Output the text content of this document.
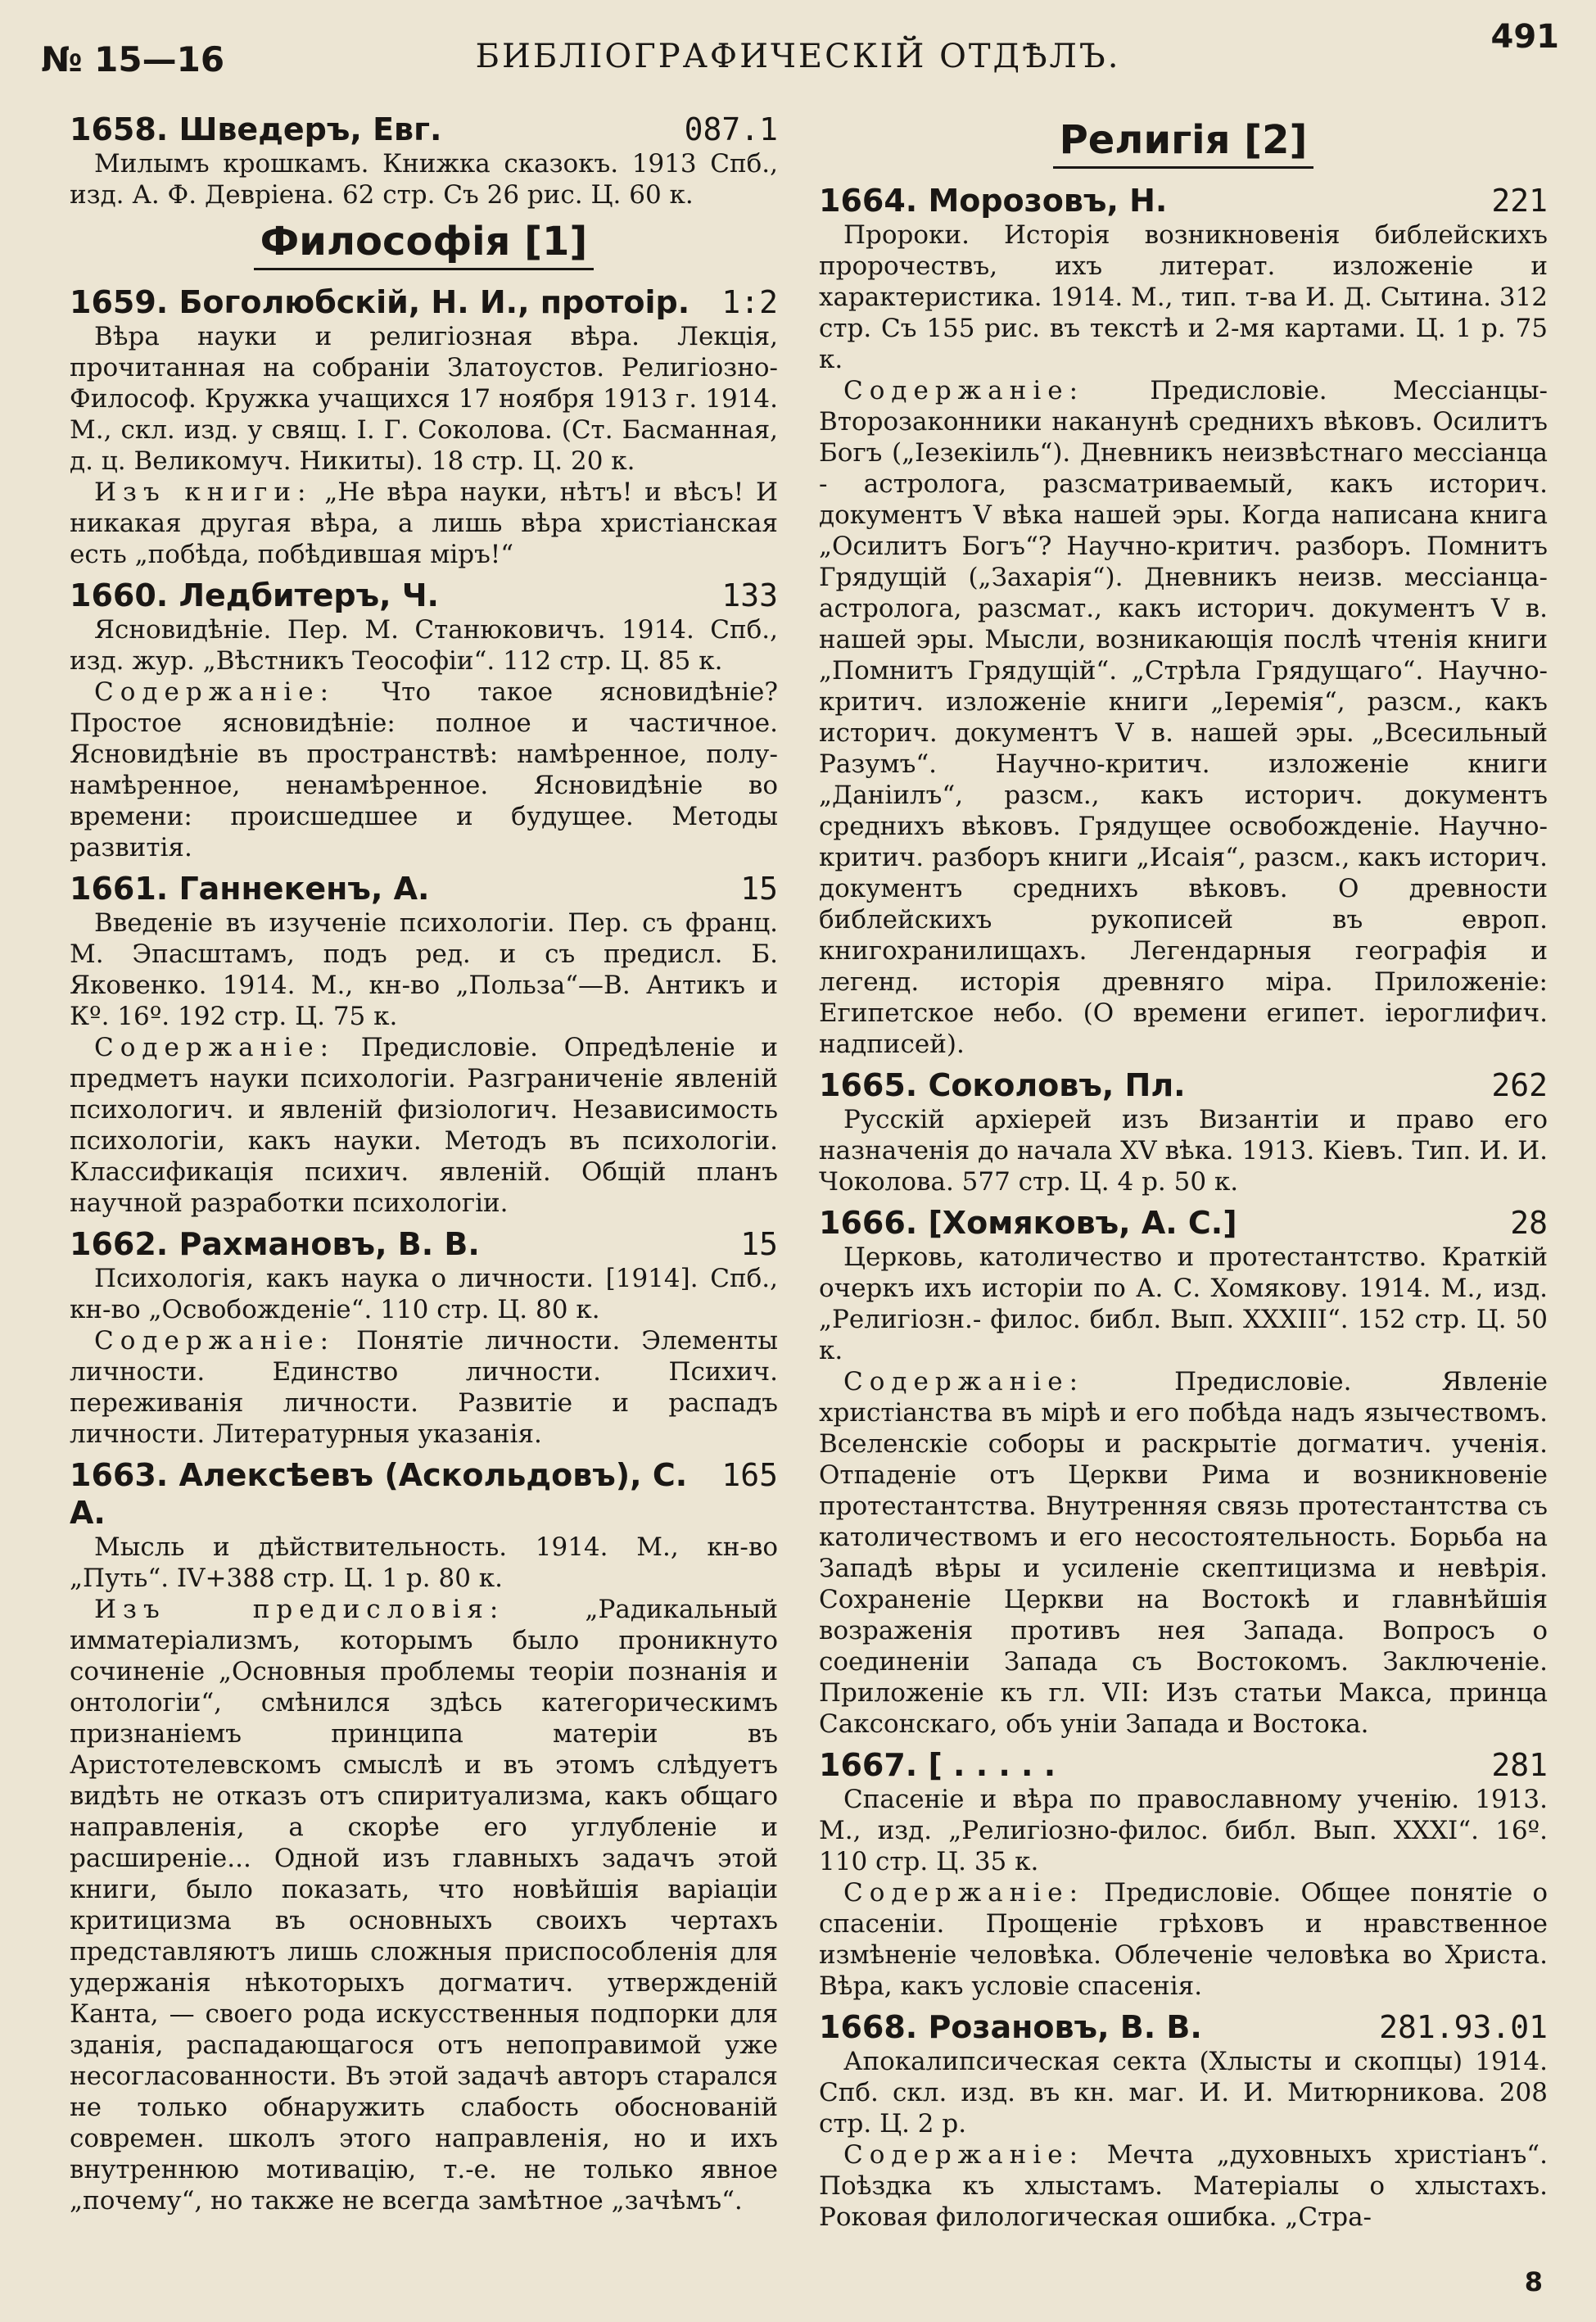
№ 15—16	БИБЛIОГРАФИЧЕСКIЙ ОТДѢЛЪ.
491
1658. Шведеръ, Евг.	087.1

Милымъ крошкамъ. Книжка сказокъ. 1913 Спб., изд. А. Ф. Девріена. 62 стр. Съ 26 рис. Ц. 60 к.

Философія [1]
1659. Боголюбскій, Н. И., протоір. 1:2

Вѣра науки и религіозная вѣра. Лекція, прочитанная на собраніи Златоустов. Религіозно-Философ. Кружка учащихся 17 ноября 1913 г. 1914. М., скл. изд. у свящ. I. Г. Соколова. (Ст. Басманная, д. ц. Великомуч. Никиты). 18 стр. Ц. 20 к.

Изъ книги: „Не вѣра науки, нѣтъ! и вѣсъ! И никакая другая вѣра, а лишь вѣра христіанская есть „побѣда, побѣдившая міръ!“

1660. Ледбитеръ, Ч.	133

Ясновидѣніе. Пер. М. Станюковичъ. 1914. Спб., изд. жур. „Вѣстникъ Теософіи“. 112 стр. Ц. 85 к.

Содержаніе: Что такое ясновидѣніе? Простое ясновидѣніе: полное и частичное. Ясновидѣніе въ пространствѣ: намѣренное, полу-намѣренное, ненамѣренное. Ясновидѣніе во времени: происшедшее и будущее. Методы развитія.

1661. Ганнекенъ, А.	15

Введеніе въ изученіе психологіи. Пер. съ франц. М. Эпасштамъ, подъ ред. и съ предисл. Б. Яковенко. 1914. М., кн-во „Польза“—В. Антикъ и Кº. 16º. 192 стр. Ц. 75 к.

Содержаніе: Предисловіе. Опредѣленіе и предметъ науки психологіи. Разграниченіе явленій психологич. и явленій физіологич. Независимость психологіи, какъ науки. Методъ въ психологіи. Классификація психич. явленій. Общій планъ научной разработки психологіи.

1662. Рахмановъ, В. В.	15

Психологія, какъ наука о личности. [1914]. Спб., кн-во „Освобожденіе“. 110 стр. Ц. 80 к.

Содержаніе: Понятіе личности. Элементы личности. Единство личности. Психич. переживанія личности. Развитіе и распадъ личности. Литературныя указанія.

1663. Алексѣевъ (Аскольдовъ), С. А.
165

Мысль и дѣйствительность. 1914. М., кн-во „Путь“. IV+388 стр. Ц. 1 р. 80 к.

Изъ предисловія:	„Радикальный имматеріализмъ, которымъ было проникнуто сочиненіе „Основныя проблемы теоріи познанія и онтологіи“, смѣнился здѣсь категорическимъ признаніемъ принципа матеріи въ Аристотелевскомъ смыслѣ и въ этомъ слѣдуетъ видѣть не отказъ отъ спиритуализма, какъ общаго направленія, а скорѣе его углубленіе и расширеніе... Одной изъ главныхъ задачъ этой книги, было показать, что новѣйшія варіаціи критицизма въ основныхъ своихъ чертахъ представляютъ лишь сложныя приспособленія для удержанія нѣкоторыхъ догматич. утвержденій Канта, — своего рода искусственныя подпорки для зданія, распадающагося отъ непоправимой уже несогласованности. Въ этой задачѣ авторъ старался не только обнаружить слабость обоснованій современ. школъ этого направленія, но и ихъ внутреннюю мотивацію, т.-е. не только явное „почему“, но также не всегда замѣтное „зачѣмъ“.

Религія [2]
1664. Морозовъ, Н.	221

Пророки. Исторія возникновенія библейскихъ пророчествъ, ихъ литерат. изложеніе и характеристика. 1914. М., тип. т-ва И. Д. Сытина. 312 стр. Съ 155 рис. въ текстѣ и 2-мя картами. Ц. 1 р. 75 к.

Содержаніе:	Предисловіе. Мессіанцы-Второзаконники наканунѣ среднихъ вѣковъ. Осилитъ Богъ („Iезекіиль“). Дневникъ неизвѣстнаго мессіанца - астролога, разсматриваемый, какъ историч. документъ V вѣка нашей эры. Когда написана книга „Осилитъ Богъ“? Научно-критич. разборъ. Помнитъ Грядущій („Захарія“). Дневникъ неизв. мессіанца-астролога, разсмат., какъ историч. документъ V в. нашей эры. Мысли, возникающія послѣ чтенія книги „Помнитъ Грядущій“. „Стрѣла Грядущаго“. Научно-критич. изложеніе книги „Іеремія“, разсм., какъ историч. документъ V в. нашей эры. „Всесильный Разумъ“. Научно-критич. изложеніе книги „Даніилъ“, разсм., какъ историч. документъ среднихъ вѣковъ. Грядущее освобожденіе. Научно-критич. разборъ книги „Исаія“, разсм., какъ историч. документъ среднихъ вѣковъ. О древности библейскихъ рукописей въ европ. книгохранилищахъ. Легендарныя географія и легенд. исторія древняго міра. Приложеніе: Египетское небо. (О времени египет. іероглифич. надписей).

1665. Соколовъ, Пл.	262

Русскій архіерей изъ Византіи и право его назначенія до начала XV вѣка. 1913. Кіевъ. Тип. И. И. Чоколова. 577 стр. Ц. 4 р. 50 к.

1666. [Хомяковъ, А. С.]	28

Церковь, католичество и протестантство. Краткій очеркъ ихъ исторіи по А. С. Хомякову. 1914. М., изд. „Религіозн.- филос. библ. Вып. XXXIII“. 152 стр. Ц. 50 к.

Содержаніе:	Предисловіе. Явленіе христіанства въ мірѣ и его побѣда надъ язычествомъ. Вселенскіе соборы и раскрытіе догматич. ученія. Отпаденіе отъ Церкви Рима и возникновеніе протестантства. Внутренняя связь протестантства съ католичествомъ и его несостоятельность. Борьба на Западѣ вѣры и усиленіе скептицизма и невѣрія. Сохраненіе Церкви на Востокѣ и главнѣйшія возраженія противъ нея Запада. Вопросъ о соединеніи Запада съ Востокомъ. Заключеніе. Приложеніе къ гл. VII: Изъ статьи Макса, принца Саксонскаго, объ уніи Запада и Востока.

1667. [ . . . . .	281

Спасеніе и вѣра по православному ученію. 1913. М., изд. „Религіозно-филос. библ. Вып. XXXI“. 16º. 110 стр. Ц. 35 к.

Содержаніе: Предисловіе. Общее понятіе о спасеніи. Прощеніе грѣховъ и нравственное измѣненіе человѣка. Облеченіе человѣка во Христа. Вѣра, какъ условіе спасенія.

1668. Розановъ, В. В.	281.93.01

Апокалипсическая секта (Хлысты и скопцы) 1914. Спб. скл. изд. въ кн. маг. И. И. Митюрникова. 208 стр. Ц. 2 р.

Содержаніе: Мечта „духовныхъ христіанъ“. Поѣздка къ хлыстамъ. Матеріалы о хлыстахъ. Роковая филологическая ошибка. „Стра-

8
